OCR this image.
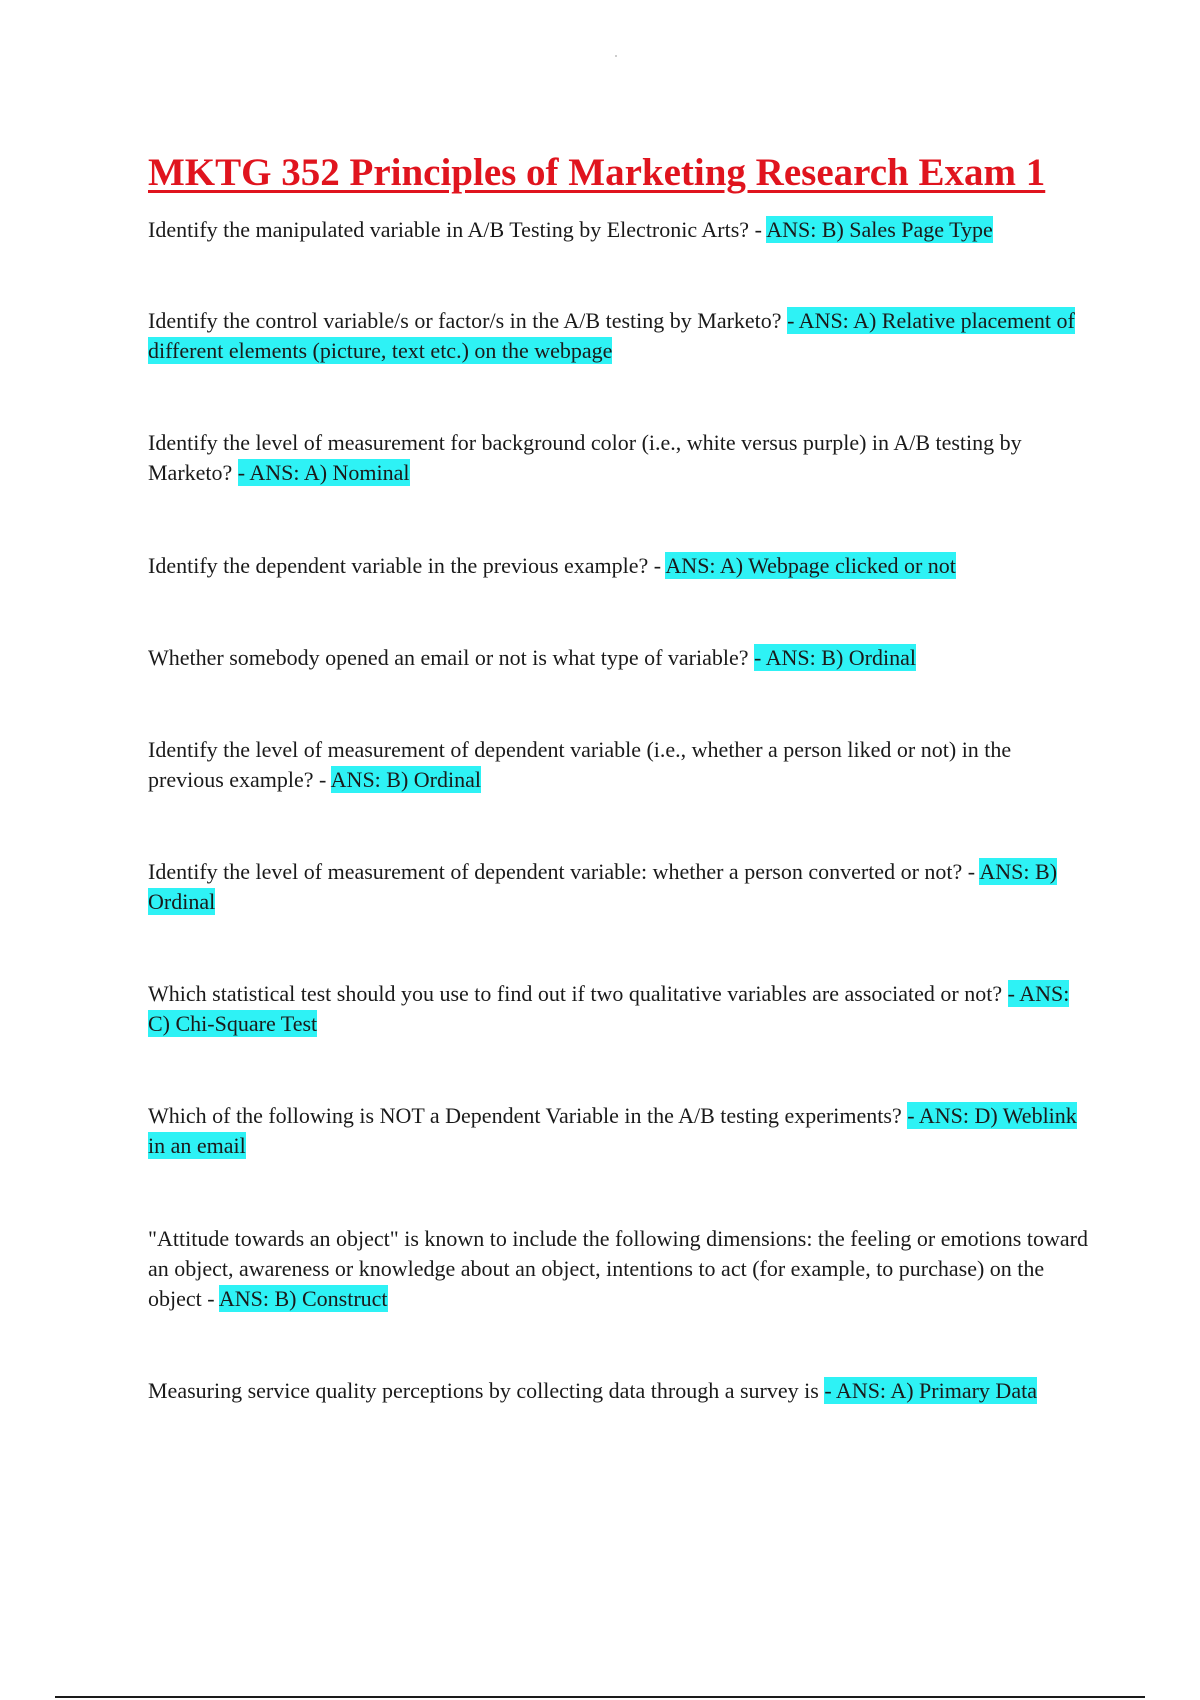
MKTG 352 Principles of Marketing Research Exam 1

Identify the manipulated variable in A/B Testing by Electronic Arts? - ANS: B) Sales Page Type

Identify the control variable/s or factor/s in the A/B testing by Marketo? - ANS: A) Relative placement of different elements (picture, text etc.) on the webpage

Identify the level of measurement for background color (i.e., white versus purple) in A/B testing by Marketo? - ANS: A) Nominal

Identify the dependent variable in the previous example? - ANS: A) Webpage clicked or not

Whether somebody opened an email or not is what type of variable? - ANS: B) Ordinal

Identify the level of measurement of dependent variable (i.e., whether a person liked or not) in the previous example? - ANS: B) Ordinal

Identify the level of measurement of dependent variable: whether a person converted or not? - ANS: B) Ordinal

Which statistical test should you use to find out if two qualitative variables are associated or not? - ANS: C) Chi-Square Test

Which of the following is NOT a Dependent Variable in the A/B testing experiments? - ANS: D) Weblink in an email

"Attitude towards an object" is known to include the following dimensions: the feeling or emotions toward an object, awareness or knowledge about an object, intentions to act (for example, to purchase) on the object - ANS: B) Construct

Measuring service quality perceptions by collecting data through a survey is - ANS: A) Primary Data
